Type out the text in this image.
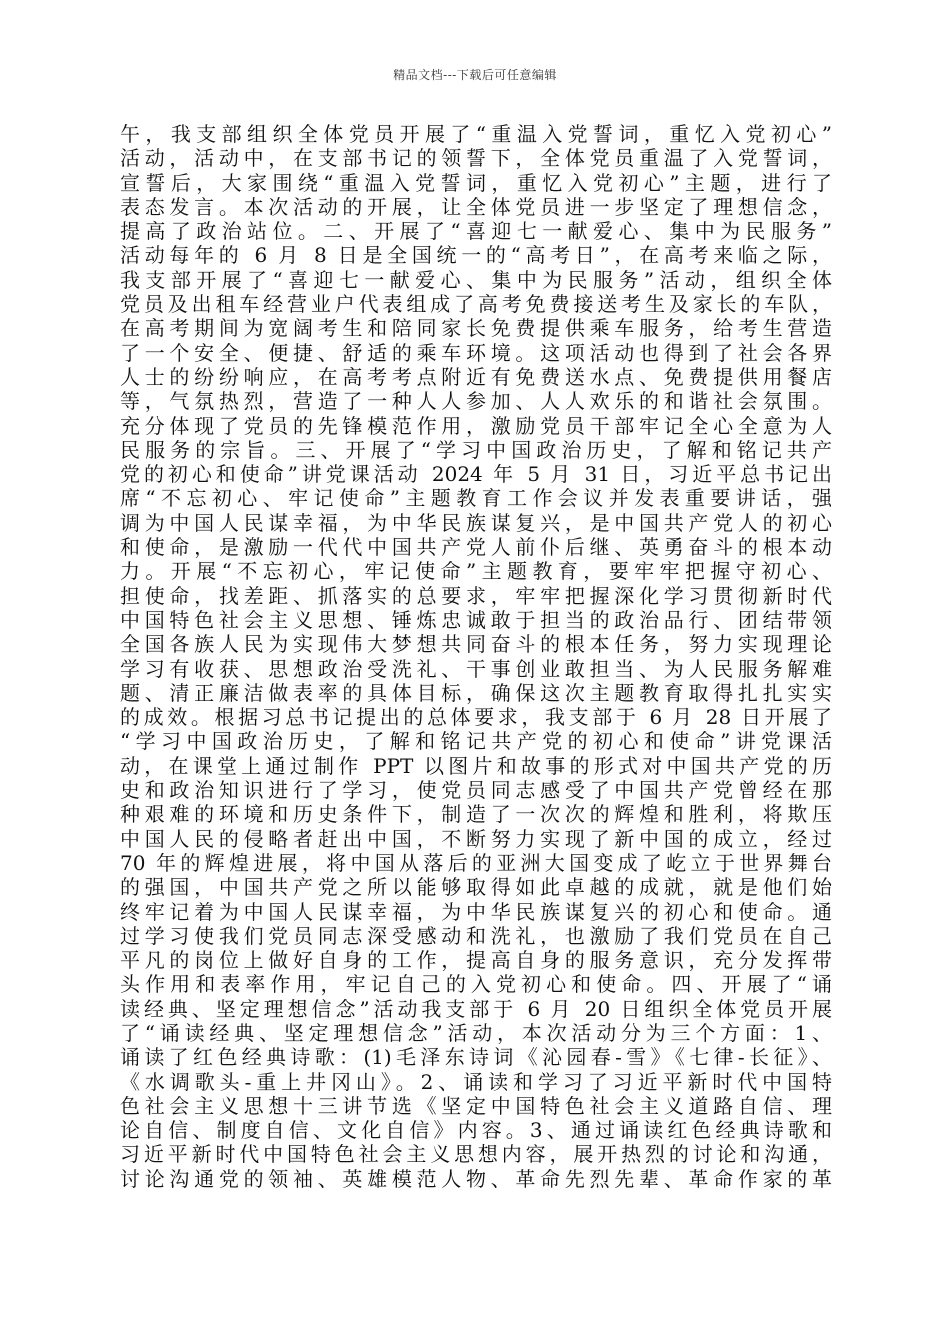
精品文档---下载后可任意编辑
午，我支部组织全体党员开展了“重温入党誓词，重忆入党初心”
活动，活动中，在支部书记的领誓下，全体党员重温了入党誓词，
宣誓后，大家围绕“重温入党誓词，重忆入党初心”主题，进行了
表态发言。本次活动的开展，让全体党员进一步坚定了理想信念，
提高了政治站位。二、开展了“喜迎七一献爱心、集中为民服务”
活动每年的 6 月 8 日是全国统一的“高考日”，在高考来临之际，
我支部开展了“喜迎七一献爱心、集中为民服务”活动，组织全体
党员及出租车经营业户代表组成了高考免费接送考生及家长的车队，
在高考期间为宽阔考生和陪同家长免费提供乘车服务，给考生营造
了一个安全、便捷、舒适的乘车环境。这项活动也得到了社会各界
人士的纷纷响应，在高考考点附近有免费送水点、免费提供用餐店
等，气氛热烈，营造了一种人人参加、人人欢乐的和谐社会氛围。
充分体现了党员的先锋模范作用，激励党员干部牢记全心全意为人
民服务的宗旨。三、开展了“学习中国政治历史，了解和铭记共产
党的初心和使命”讲党课活动 2024 年 5 月 31 日，习近平总书记出
席“不忘初心、牢记使命”主题教育工作会议并发表重要讲话，强
调为中国人民谋幸福，为中华民族谋复兴，是中国共产党人的初心
和使命，是激励一代代中国共产党人前仆后继、英勇奋斗的根本动
力。开展“不忘初心，牢记使命”主题教育，要牢牢把握守初心、
担使命，找差距、抓落实的总要求，牢牢把握深化学习贯彻新时代
中国特色社会主义思想、锤炼忠诚敢于担当的政治品行、团结带领
全国各族人民为实现伟大梦想共同奋斗的根本任务，努力实现理论
学习有收获、思想政治受洗礼、干事创业敢担当、为人民服务解难
题、清正廉洁做表率的具体目标，确保这次主题教育取得扎扎实实
的成效。根据习总书记提出的总体要求，我支部于 6 月 28 日开展了
“学习中国政治历史，了解和铭记共产党的初心和使命”讲党课活
动，在课堂上通过制作 PPT 以图片和故事的形式对中国共产党的历
史和政治知识进行了学习，使党员同志感受了中国共产党曾经在那
种艰难的环境和历史条件下，制造了一次次的辉煌和胜利，将欺压
中国人民的侵略者赶出中国，不断努力实现了新中国的成立，经过
70 年的辉煌进展，将中国从落后的亚洲大国变成了屹立于世界舞台
的强国，中国共产党之所以能够取得如此卓越的成就，就是他们始
终牢记着为中国人民谋幸福，为中华民族谋复兴的初心和使命。通
过学习使我们党员同志深受感动和洗礼，也激励了我们党员在自己
平凡的岗位上做好自身的工作，提高自身的服务意识，充分发挥带
头作用和表率作用，牢记自己的入党初心和使命。四、开展了“诵
读经典、坚定理想信念”活动我支部于 6 月 20 日组织全体党员开展
了“诵读经典、坚定理想信念”活动，本次活动分为三个方面：1、
诵读了红色经典诗歌：(1)毛泽东诗词《沁园春-雪》《七律-长征》、
《水调歌头-重上井冈山》。2、诵读和学习了习近平新时代中国特
色社会主义思想十三讲节选《坚定中国特色社会主义道路自信、理
论自信、制度自信、文化自信》内容。3、通过诵读红色经典诗歌和
习近平新时代中国特色社会主义思想内容，展开热烈的讨论和沟通，
讨论沟通党的领袖、英雄模范人物、革命先烈先辈、革命作家的革
